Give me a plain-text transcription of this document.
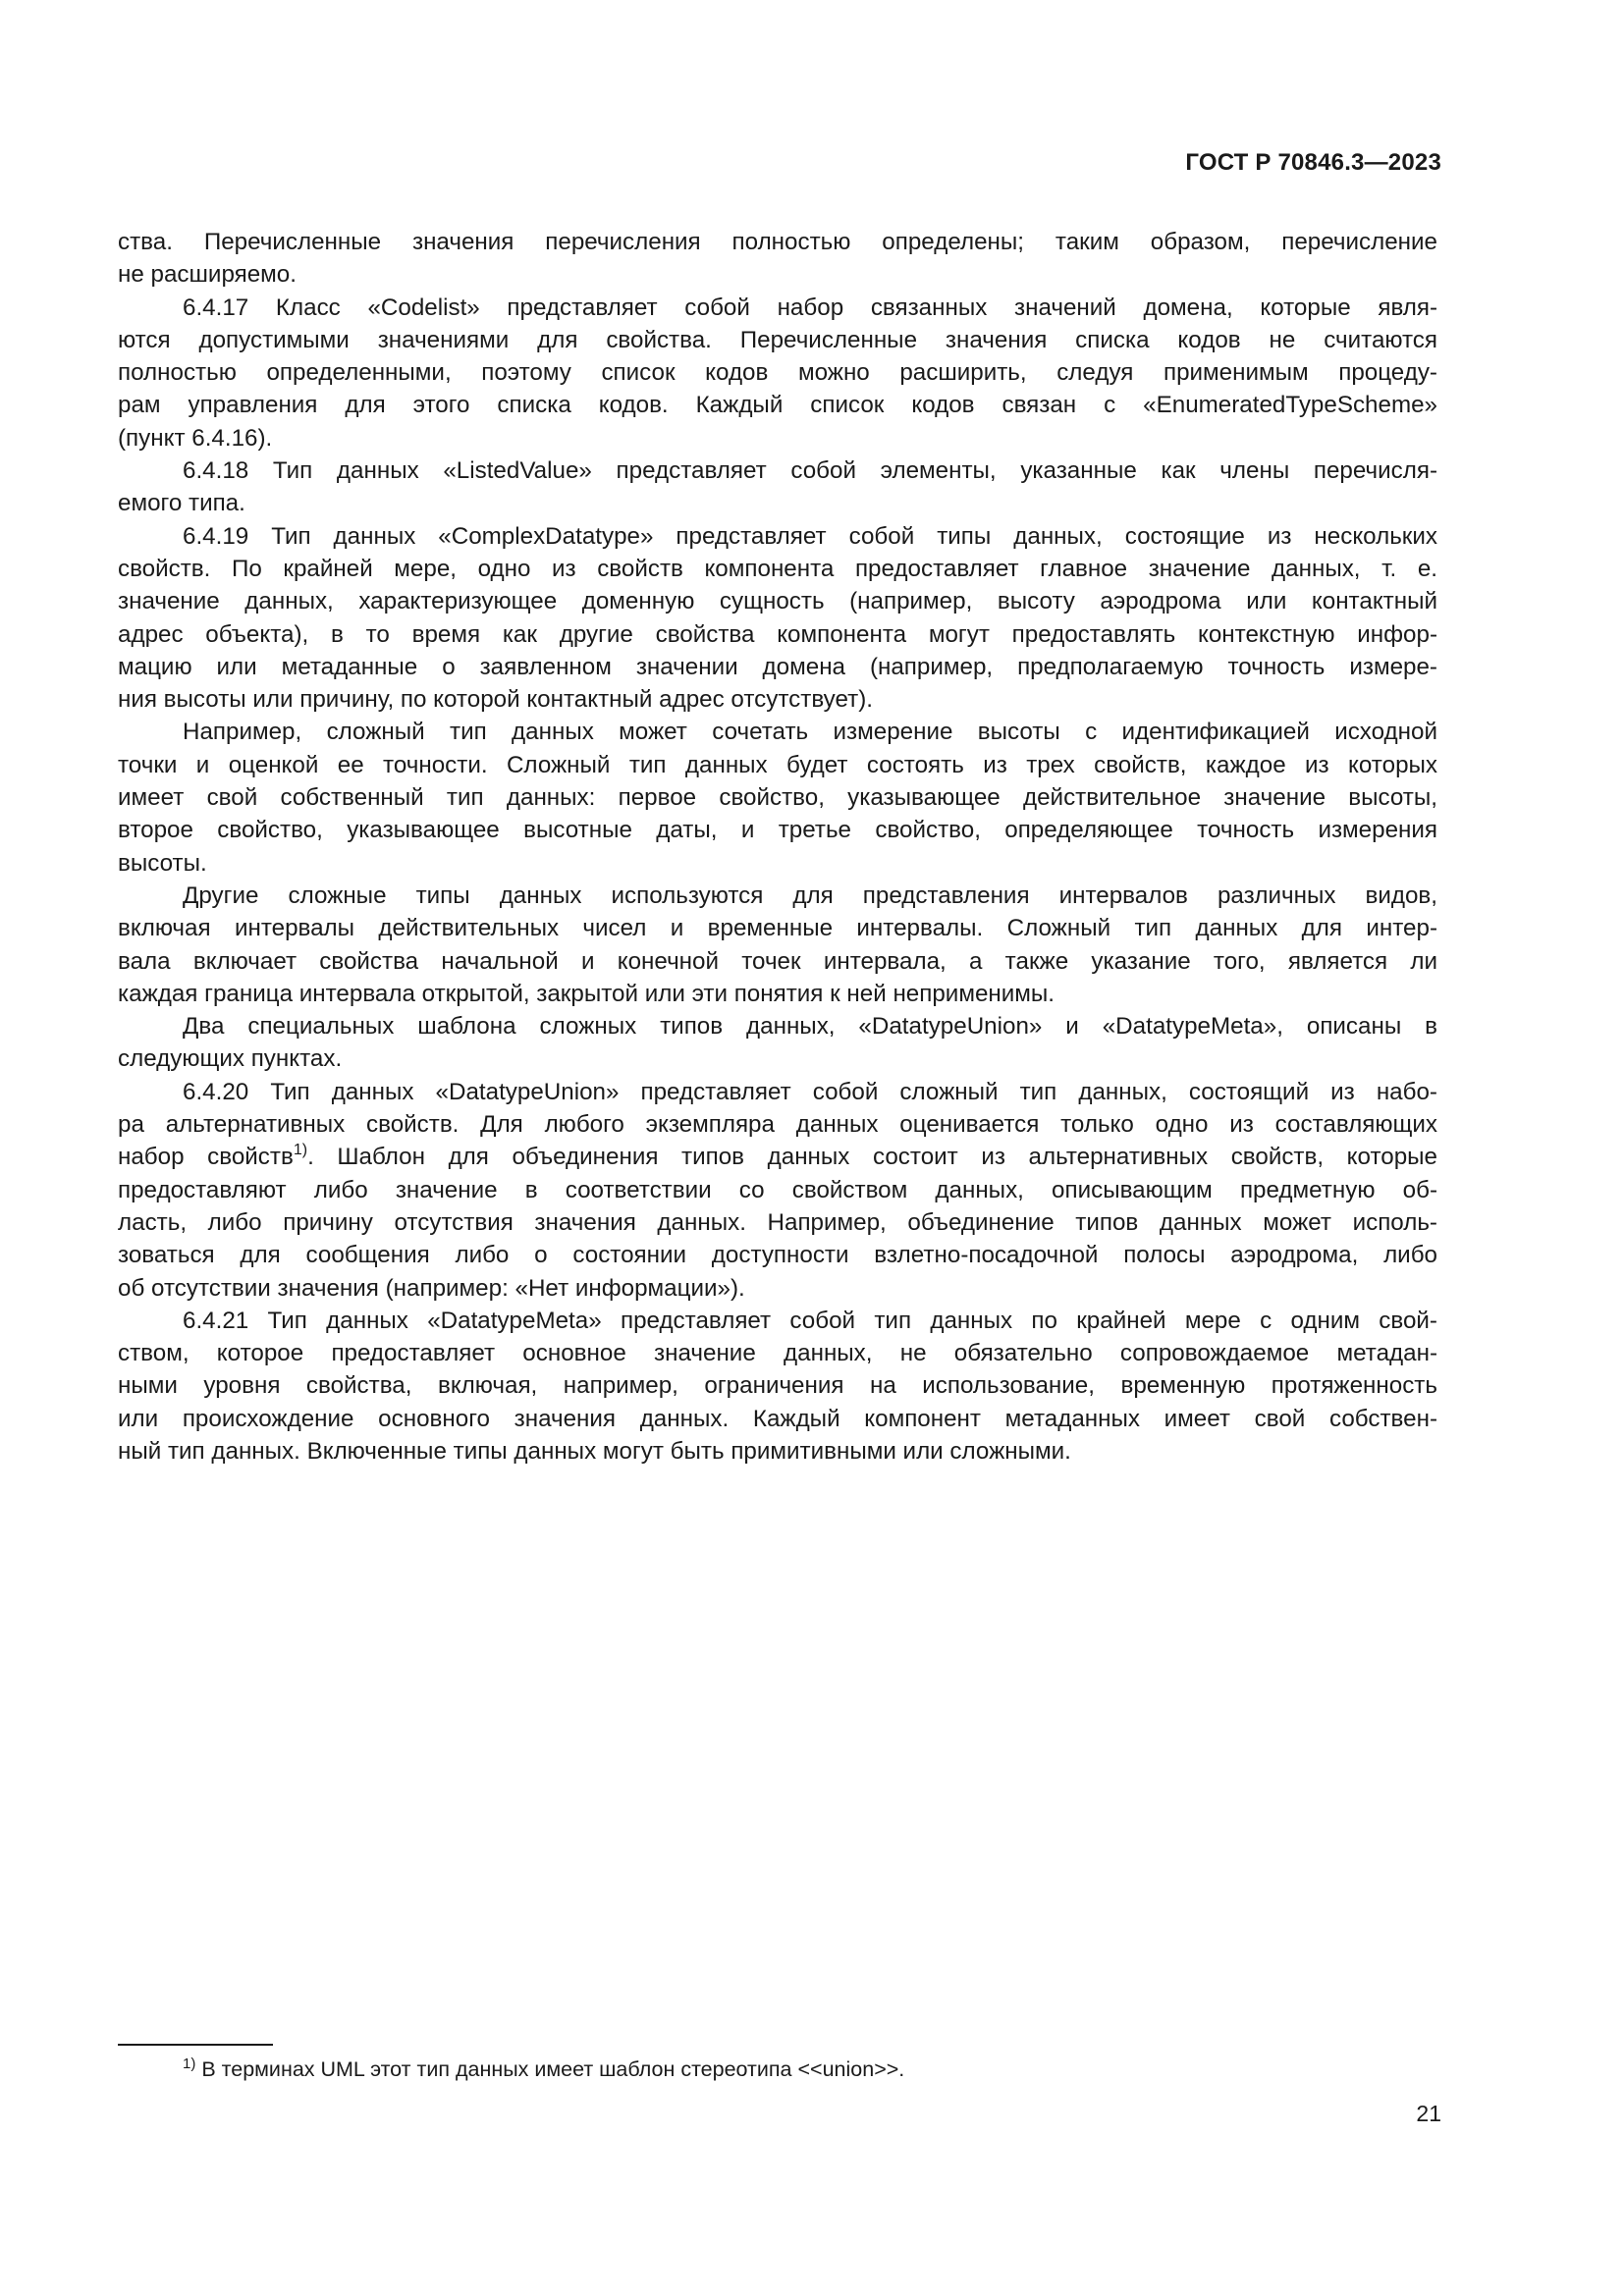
ГОСТ Р 70846.3—2023

ства. Перечисленные значения перечисления полностью определены; таким образом, перечисление
не расширяемо.

6.4.17 Класс «Codelist» представляет собой набор связанных значений домена, которые явля-
ются допустимыми значениями для свойства. Перечисленные значения списка кодов не считаются
полностью определенными, поэтому список кодов можно расширить, следуя применимым процеду-
рам управления для этого списка кодов. Каждый список кодов связан с «EnumeratedTypeScheme»
(пункт 6.4.16).

6.4.18 Тип данных «ListedValue» представляет собой элементы, указанные как члены перечисля-
емого типа.

6.4.19 Тип данных «ComplexDatatype» представляет собой типы данных, состоящие из нескольких
свойств. По крайней мере, одно из свойств компонента предоставляет главное значение данных, т. е.
значение данных, характеризующее доменную сущность (например, высоту аэродрома или контактный
адрес объекта), в то время как другие свойства компонента могут предоставлять контекстную инфор-
мацию или метаданные о заявленном значении домена (например, предполагаемую точность измере-
ния высоты или причину, по которой контактный адрес отсутствует).

Например, сложный тип данных может сочетать измерение высоты с идентификацией исходной
точки и оценкой ее точности. Сложный тип данных будет состоять из трех свойств, каждое из которых
имеет свой собственный тип данных: первое свойство, указывающее действительное значение высоты,
второе свойство, указывающее высотные даты, и третье свойство, определяющее точность измерения
высоты.

Другие сложные типы данных используются для представления интервалов различных видов,
включая интервалы действительных чисел и временные интервалы. Сложный тип данных для интер-
вала включает свойства начальной и конечной точек интервала, а также указание того, является ли
каждая граница интервала открытой, закрытой или эти понятия к ней неприменимы.

Два специальных шаблона сложных типов данных, «DatatypeUnion» и «DatatypeMeta», описаны в
следующих пунктах.

6.4.20 Тип данных «DatatypeUnion» представляет собой сложный тип данных, состоящий из набо-
ра альтернативных свойств. Для любого экземпляра данных оценивается только одно из составляющих
набор свойств$^{1)}$. Шаблон для объединения типов данных состоит из альтернативных свойств, которые
предоставляют либо значение в соответствии со свойством данных, описывающим предметную об-
ласть, либо причину отсутствия значения данных. Например, объединение типов данных может исполь-
зоваться для сообщения либо о состоянии доступности взлетно-посадочной полосы аэродрома, либо
об отсутствии значения (например: «Нет информации»).

6.4.21 Тип данных «DatatypeMeta» представляет собой тип данных по крайней мере с одним свой-
ством, которое предоставляет основное значение данных, не обязательно сопровождаемое метадан-
ными уровня свойства, включая, например, ограничения на использование, временную протяженность
или происхождение основного значения данных. Каждый компонент метаданных имеет свой собствен-
ный тип данных. Включенные типы данных могут быть примитивными или сложными.

$^{1)}$ В терминах UML этот тип данных имеет шаблон стереотипа <<union>>.
21
